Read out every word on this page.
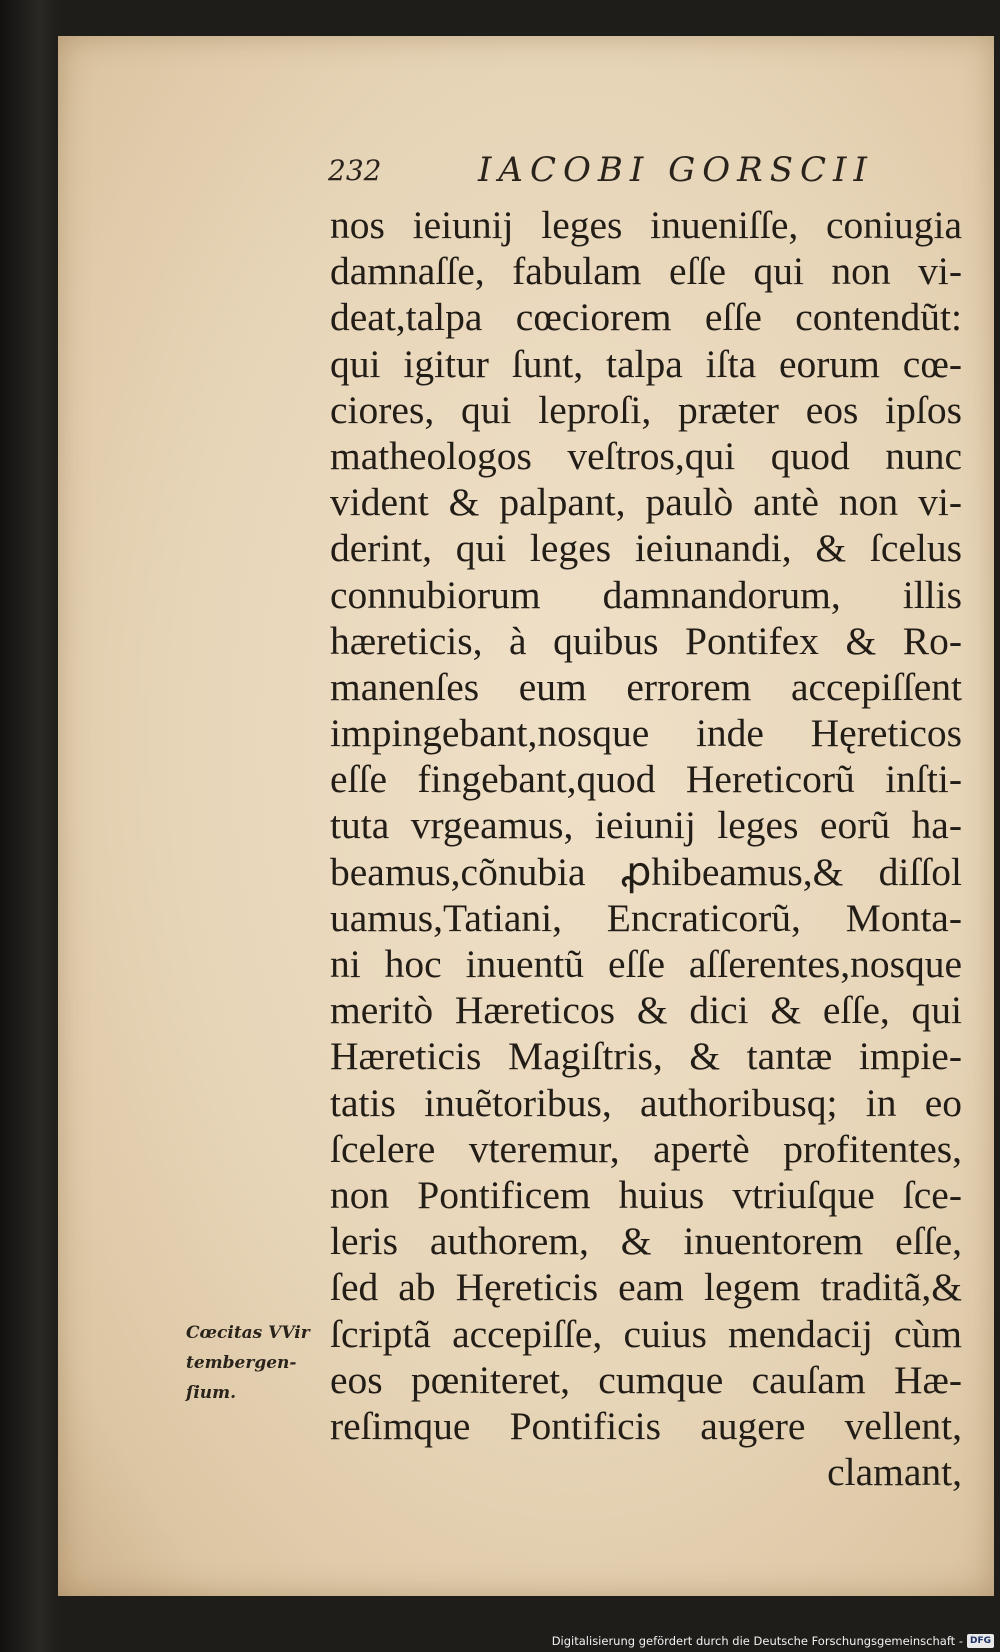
232	IACOBI GORSCII
nos ieiunij leges inueniſſe, coniugia
damnaſſe, fabulam eſſe qui non vi-
deat,talpa cœciorem eſſe contendũt:
qui igitur ſunt, talpa iſta eorum cœ-
ciores, qui leproſi, præter eos ipſos
matheologos veſtros,qui quod nunc
vident & palpant, paulò antè non vi-
derint, qui leges ieiunandi, & ſcelus
connubiorum damnandorum, illis
hæreticis, à quibus Pontifex & Ro-
manenſes eum errorem accepiſſent
impingebant,nosque inde Hęreticos
eſſe fingebant,quod Hereticorũ inſti-
tuta vrgeamus, ieiunij leges eorũ ha-
beamus,cõnubia ꝓhibeamus,& diſſol
uamus,Tatiani, Encraticorũ, Monta-
ni hoc inuentũ eſſe aſſerentes,nosque
meritò Hæreticos & dici & eſſe, qui
Hæreticis Magiſtris, & tantæ impie-
tatis inuẽtoribus, authoribusq; in eo
ſcelere vteremur, apertè profitentes,
non Pontificem huius vtriuſque ſce-
leris authorem, & inuentorem eſſe,
ſed ab Hęreticis eam legem traditã,&
ſcriptã accepiſſe, cuius mendacij cùm
eos pœniteret, cumque cauſam Hæ-
reſimque Pontificis augere vellent,
clamant,
Cœcitas VVir
tembergen-
ſium.
Digitalisierung gefördert durch die Deutsche Forschungsgemeinschaft - DFG
